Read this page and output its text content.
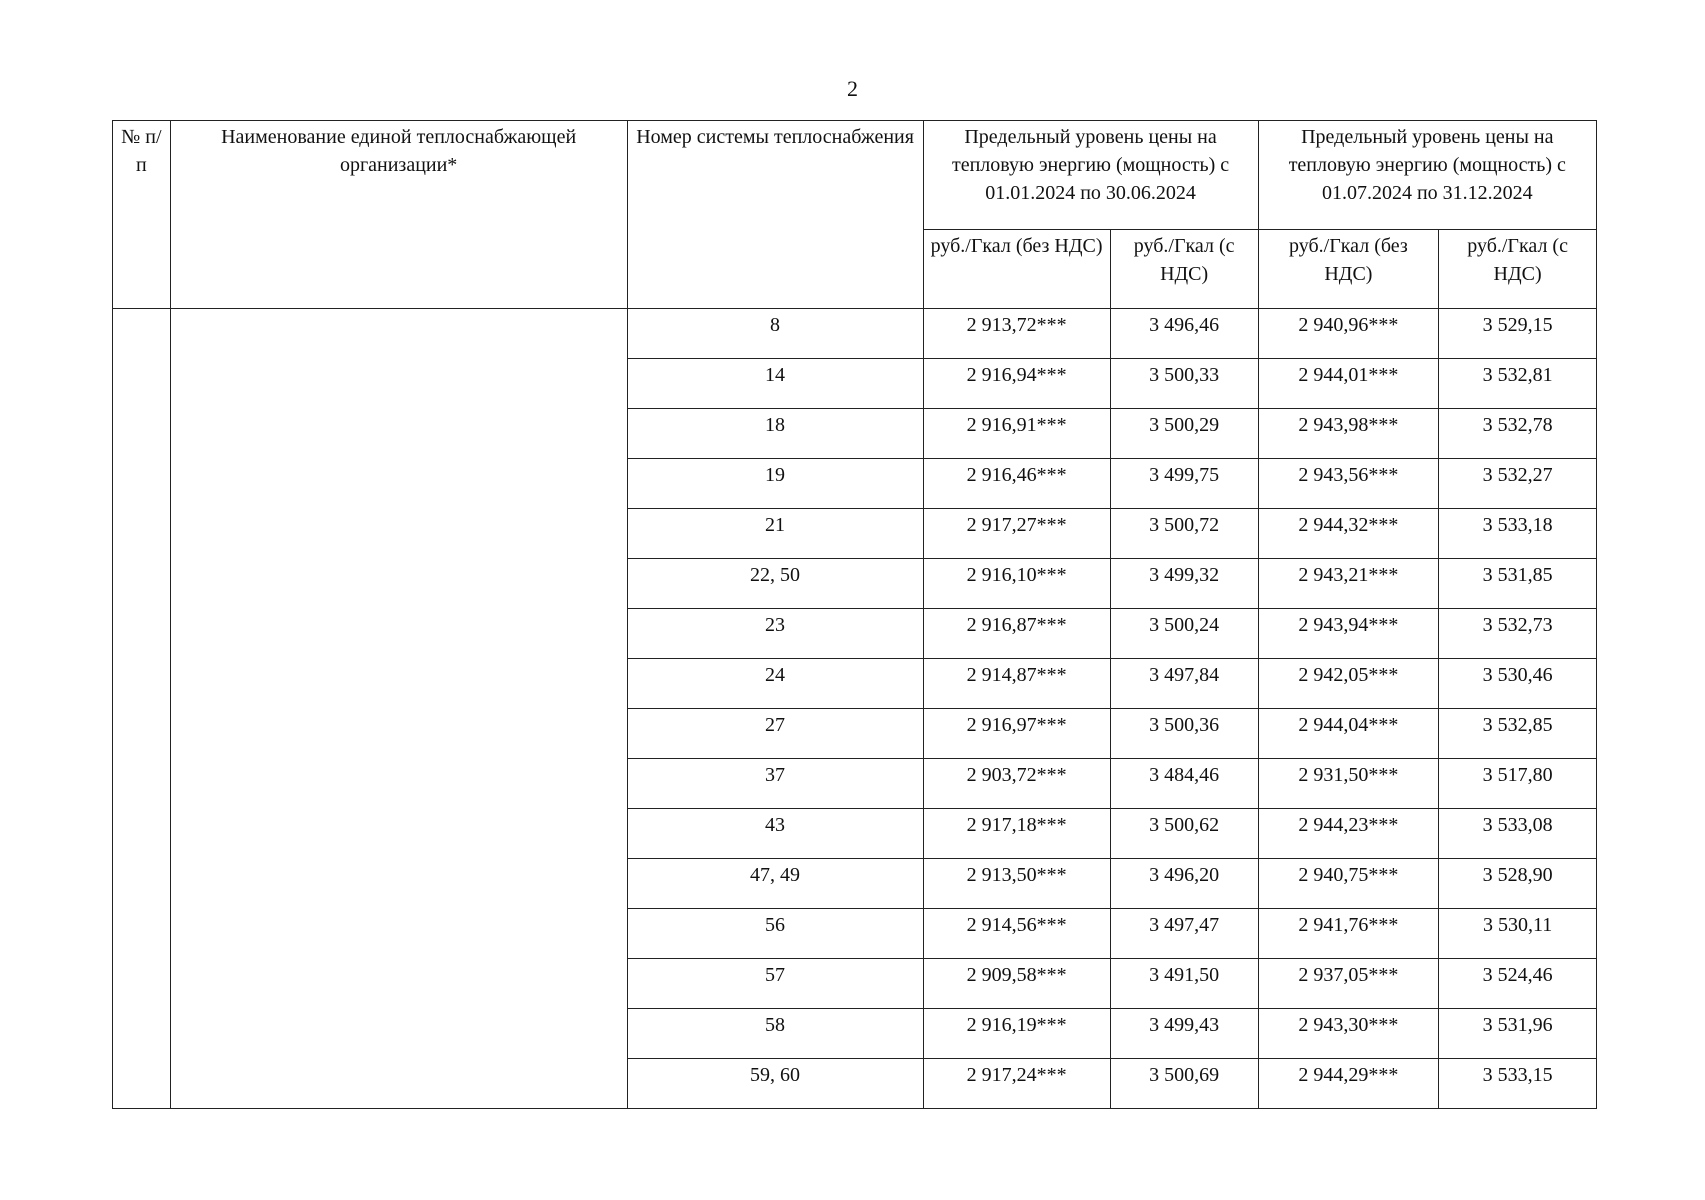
2
№ п/п	Наименование единой теплоснабжающей организации*	Номер системы теплоснабжения	Предельный уровень цены на тепловую энергию (мощность) с 01.01.2024 по 30.06.2024		Предельный уровень цены на тепловую энергию (мощность) с 01.07.2024 по 31.12.2024	
			руб./Гкал (без НДС)	руб./Гкал (с НДС)	руб./Гкал (без НДС)	руб./Гкал (с НДС)
		8	2 913,72***	3 496,46	2 940,96***	3 529,15
		14	2 916,94***	3 500,33	2 944,01***	3 532,81
		18	2 916,91***	3 500,29	2 943,98***	3 532,78
		19	2 916,46***	3 499,75	2 943,56***	3 532,27
		21	2 917,27***	3 500,72	2 944,32***	3 533,18
		22, 50	2 916,10***	3 499,32	2 943,21***	3 531,85
		23	2 916,87***	3 500,24	2 943,94***	3 532,73
		24	2 914,87***	3 497,84	2 942,05***	3 530,46
		27	2 916,97***	3 500,36	2 944,04***	3 532,85
		37	2 903,72***	3 484,46	2 931,50***	3 517,80
		43	2 917,18***	3 500,62	2 944,23***	3 533,08
		47, 49	2 913,50***	3 496,20	2 940,75***	3 528,90
		56	2 914,56***	3 497,47	2 941,76***	3 530,11
		57	2 909,58***	3 491,50	2 937,05***	3 524,46
		58	2 916,19***	3 499,43	2 943,30***	3 531,96
		59, 60	2 917,24***	3 500,69	2 944,29***	3 533,15
